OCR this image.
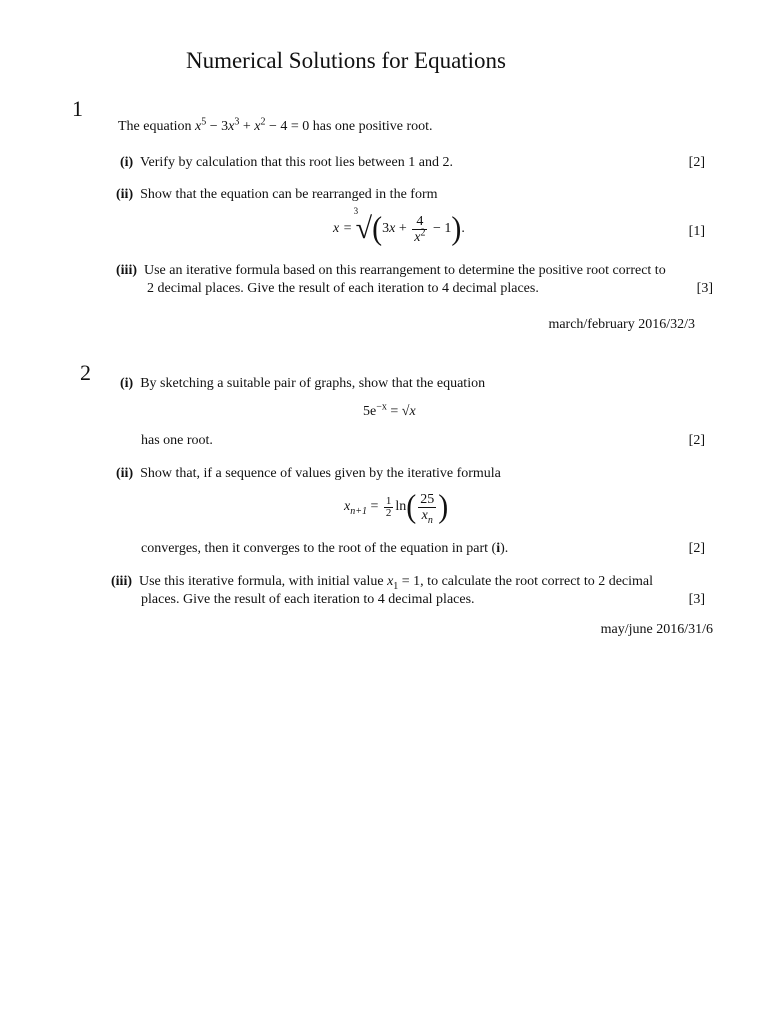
Numerical Solutions for Equations
1
The equation $x^5 - 3x^3 + x^2 - 4 = 0$ has one positive root.
(i) Verify by calculation that this root lies between 1 and 2.	[2]
(ii) Show that the equation can be rearranged in the form
x =
3
$√(3x + \frac{4}{x^2} - 1)$.	[1]
(iii) Use an iterative formula based on this rearrangement to determine the positive root correct to
2 decimal places. Give the result of each iteration to 4 decimal places.	[3]
march/february 2016/32/3
2 (i) By sketching a suitable pair of graphs, show that the equation
$5e^{-x} = √x$
has one root.	[2]
(ii) Show that, if a sequence of values given by the iterative formula
$x_{n+1} = \frac{1}{2} \ln( \frac{25}{x_n}$ )
converges, then it converges to the root of the equation in part (i).	[2]
(iii) Use this iterative formula, with initial value $x_1 = 1$, to calculate the root correct to 2 decimal
places. Give the result of each iteration to 4 decimal places.	[3]
may/june 2016/31/6
